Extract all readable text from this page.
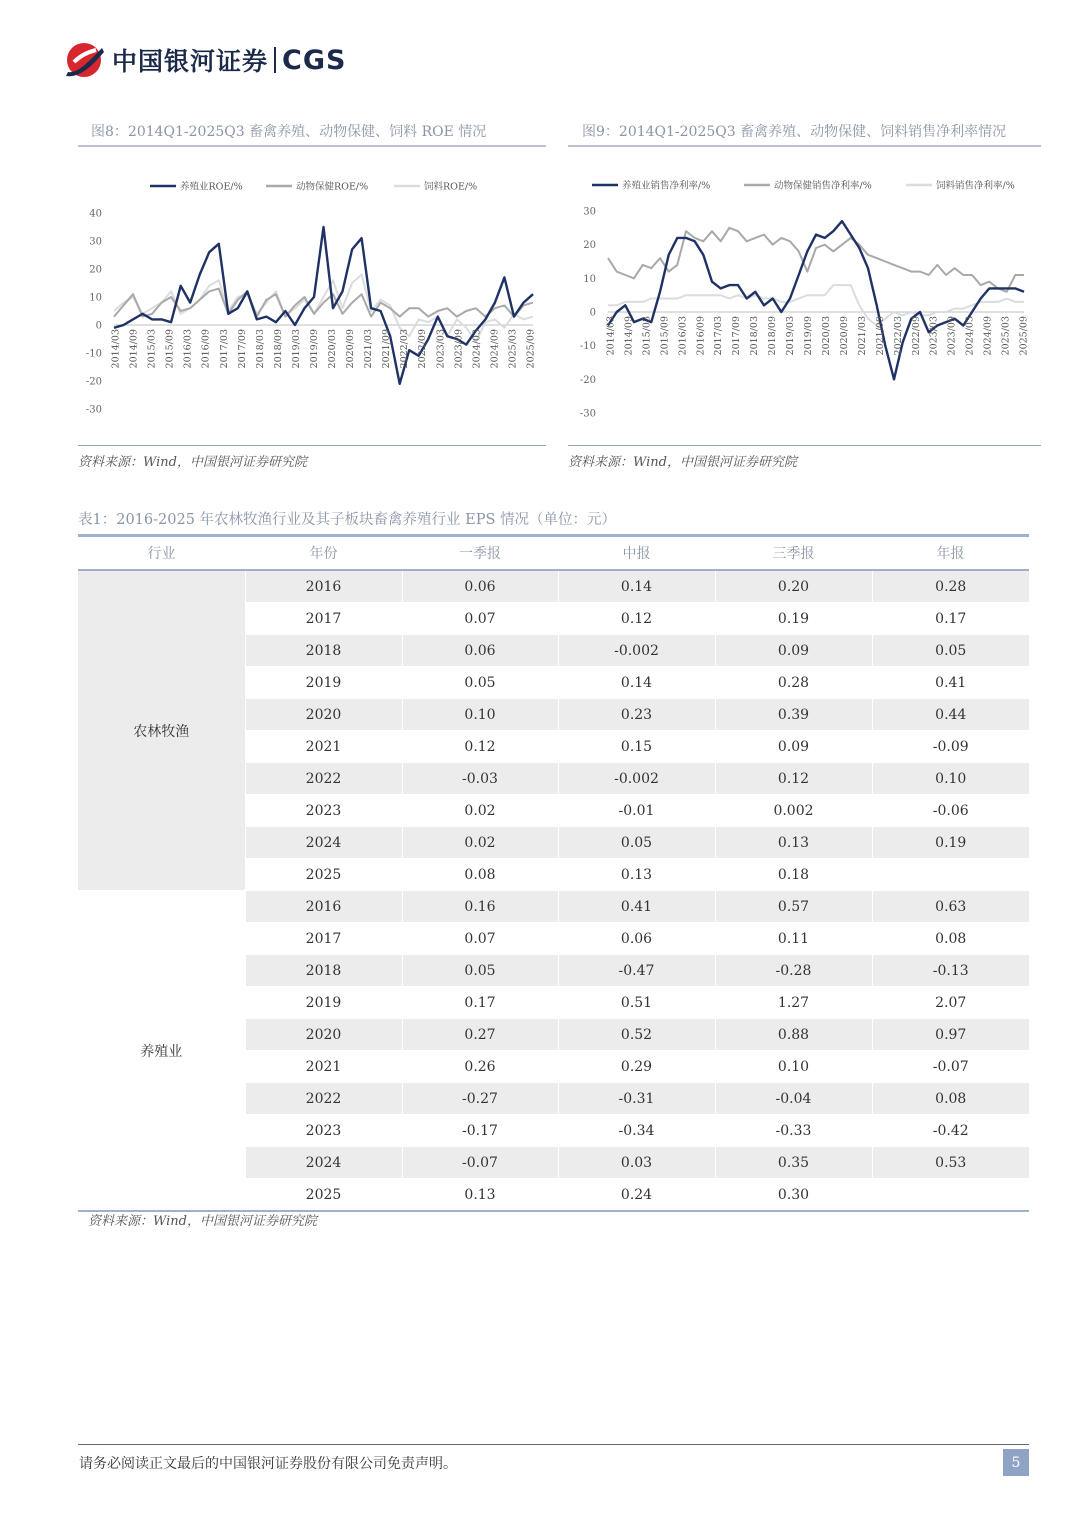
中国银河证券 CGS
图8：2014Q1-2025Q3 畜禽养殖、动物保健、饲料 ROE 情况
养殖业ROE/%	动物保健ROE/%	饲料ROE/%
40
30
20
10
0
-10
-20
-30
2014/03 2014/09 2015/03 2015/09 2016/03 2016/09 2017/03 2017/09 2018/03 2018/09 2019/03 2019/09 2020/03 2020/09 2021/03 2021/09 2022/03 2022/09 2023/03 2023/09 2024/03 2024/09 2025/03 2025/09
资料来源：Wind，中国银河证券研究院
图9：2014Q1-2025Q3 畜禽养殖、动物保健、饲料销售净利率情况
养殖业销售净利率/%	动物保健销售净利率/%	饲料销售净利率/%
30
20
10
0
-10
-20
-30
2014/03 2014/09 2015/03 2015/09 2016/03 2016/09 2017/03 2017/09 2018/03 2018/09 2019/03 2019/09 2020/03 2020/09 2021/03 2021/09 2022/03 2022/09 2023/03 2023/09 2024/03 2024/09 2025/03 2025/09
资料来源：Wind，中国银河证券研究院
表1：2016-2025 年农林牧渔行业及其子板块畜禽养殖行业 EPS 情况（单位：元）
行业	年份	一季报	中报	三季报	年报
农林牧渔	2016	0.06	0.14	0.20	0.28
	2017	0.07	0.12	0.19	0.17
	2018	0.06	-0.002	0.09	0.05
	2019	0.05	0.14	0.28	0.41
	2020	0.10	0.23	0.39	0.44
	2021	0.12	0.15	0.09	-0.09
	2022	-0.03	-0.002	0.12	0.10
	2023	0.02	-0.01	0.002	-0.06
	2024	0.02	0.05	0.13	0.19
	2025	0.08	0.13	0.18	
养殖业	2016	0.16	0.41	0.57	0.63
	2017	0.07	0.06	0.11	0.08
	2018	0.05	-0.47	-0.28	-0.13
	2019	0.17	0.51	1.27	2.07
	2020	0.27	0.52	0.88	0.97
	2021	0.26	0.29	0.10	-0.07
	2022	-0.27	-0.31	-0.04	0.08
	2023	-0.17	-0.34	-0.33	-0.42
	2024	-0.07	0.03	0.35	0.53
	2025	0.13	0.24	0.30	
资料来源：Wind，中国银河证券研究院
请务必阅读正文最后的中国银河证券股份有限公司免责声明。	5
